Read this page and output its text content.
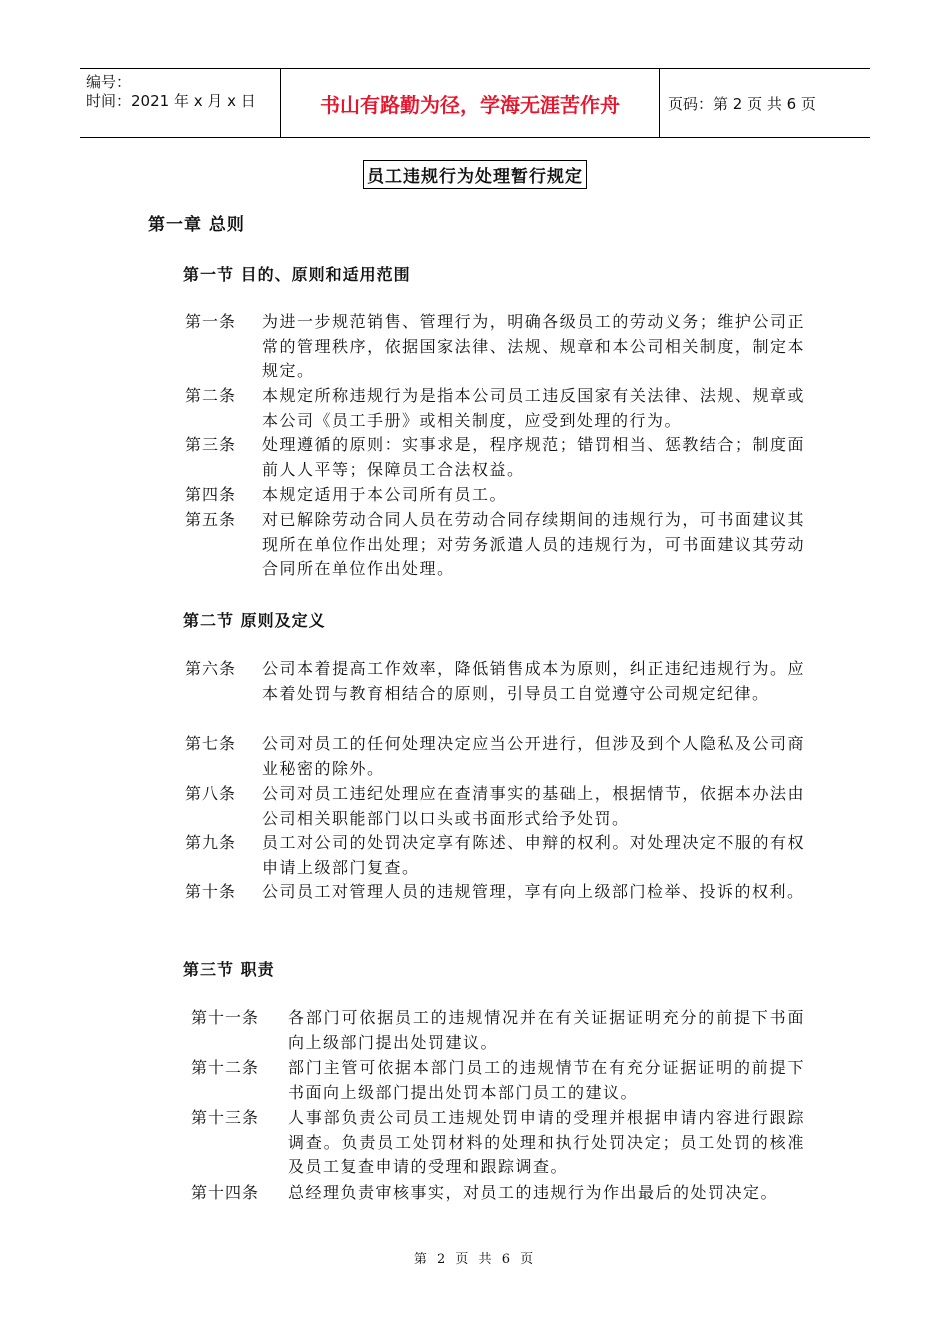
编号：
时间：2021 年 x 月 x 日	书山有路勤为径，学海无涯苦作舟	页码：第 2 页 共 6 页
员工违规行为处理暂行规定
第一章 总则
第一节 目的、原则和适用范围
第一条 为进一步规范销售、管理行为，明确各级员工的劳动义务；维护公司正常的管理秩序，依据国家法律、法规、规章和本公司相关制度，制定本规定。
第二条 本规定所称违规行为是指本公司员工违反国家有关法律、法规、规章或本公司《员工手册》或相关制度，应受到处理的行为。
第三条 处理遵循的原则：实事求是，程序规范；错罚相当、惩教结合；制度面前人人平等；保障员工合法权益。
第四条 本规定适用于本公司所有员工。
第五条 对已解除劳动合同人员在劳动合同存续期间的违规行为，可书面建议其现所在单位作出处理；对劳务派遣人员的违规行为，可书面建议其劳动合同所在单位作出处理。
第二节 原则及定义
第六条 公司本着提高工作效率，降低销售成本为原则，纠正违纪违规行为。应本着处罚与教育相结合的原则，引导员工自觉遵守公司规定纪律。
第七条 公司对员工的任何处理决定应当公开进行，但涉及到个人隐私及公司商业秘密的除外。
第八条 公司对员工违纪处理应在查清事实的基础上，根据情节，依据本办法由公司相关职能部门以口头或书面形式给予处罚。
第九条 员工对公司的处罚决定享有陈述、申辩的权利。对处理决定不服的有权申请上级部门复查。
第十条 公司员工对管理人员的违规管理，享有向上级部门检举、投诉的权利。
第三节 职责
第十一条 各部门可依据员工的违规情况并在有关证据证明充分的前提下书面向上级部门提出处罚建议。
第十二条 部门主管可依据本部门员工的违规情节在有充分证据证明的前提下书面向上级部门提出处罚本部门员工的建议。
第十三条 人事部负责公司员工违规处罚申请的受理并根据申请内容进行跟踪调查。负责员工处罚材料的处理和执行处罚决定；员工处罚的核准及员工复查申请的受理和跟踪调查。
第十四条 总经理负责审核事实，对员工的违规行为作出最后的处罚决定。
第 2 页 共 6 页
